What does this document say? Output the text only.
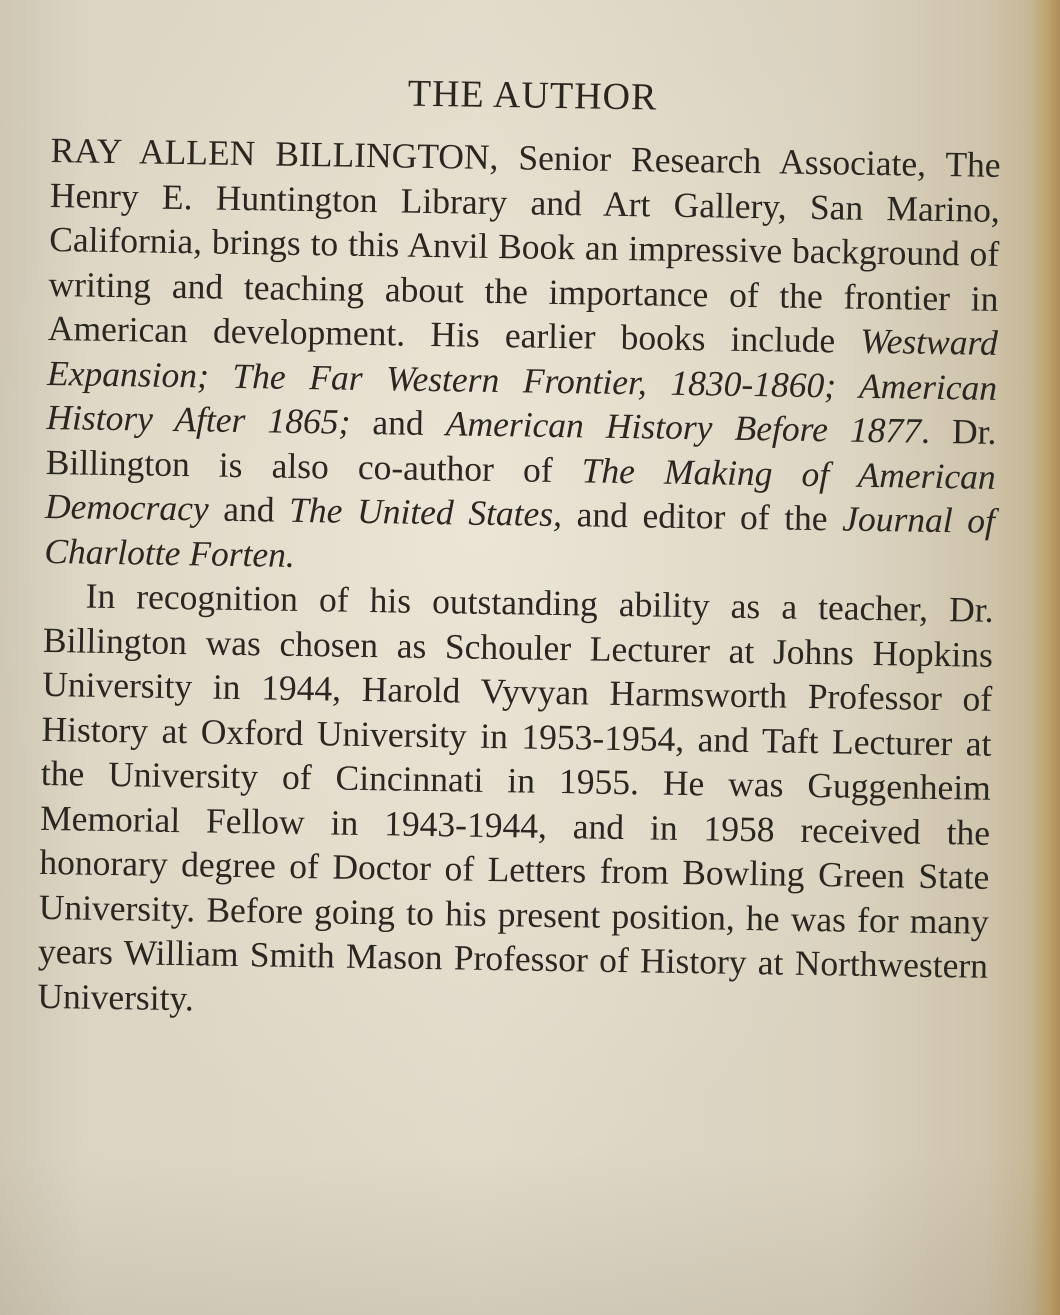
THE AUTHOR

RAY ALLEN BILLINGTON, Senior Research Associate, The Henry E. Huntington Library and Art Gallery, San Marino, California, brings to this Anvil Book an impressive background of writing and teaching about the importance of the frontier in American development. His earlier books include Westward Expansion; The Far Western Frontier, 1830-1860; American History After 1865; and American History Before 1877. Dr. Billington is also co-author of The Making of American Democracy and The United States, and editor of the Journal of Charlotte Forten.

In recognition of his outstanding ability as a teacher, Dr. Billington was chosen as Schouler Lecturer at Johns Hopkins University in 1944, Harold Vyvyan Harmsworth Professor of History at Oxford University in 1953-1954, and Taft Lecturer at the University of Cincinnati in 1955. He was Guggenheim Memorial Fellow in 1943-1944, and in 1958 received the honorary degree of Doctor of Letters from Bowling Green State University. Before going to his present position, he was for many years William Smith Mason Professor of History at Northwestern University.
